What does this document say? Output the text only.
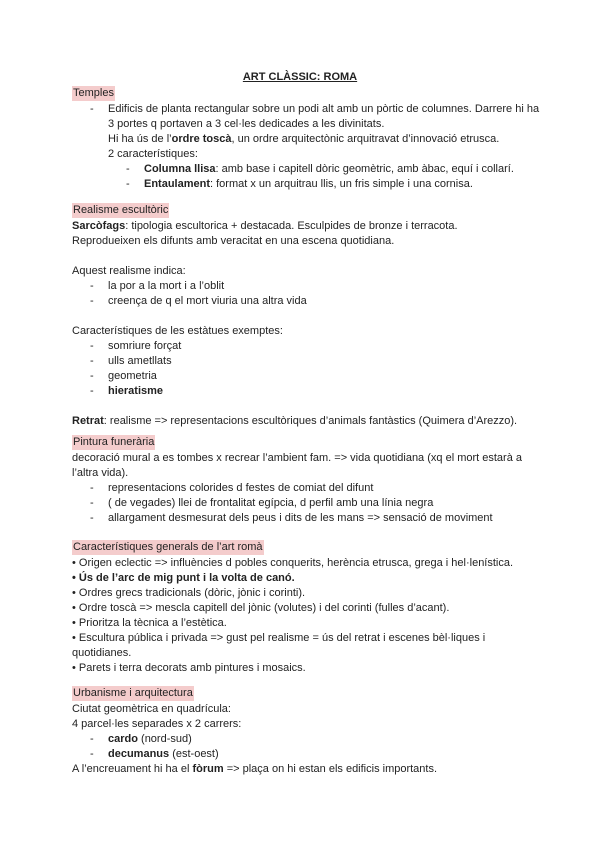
ART CLÀSSIC: ROMA
Temples
- Edificis de planta rectangular sobre un podi alt amb un pòrtic de columnes. Darrere hi ha 3 portes q portaven a 3 cel·les dedicades a les divinitats.

Hi ha ús de l’ordre toscà, un ordre arquitectònic arquitravat d’innovació etrusca.

2 característiques:

- Columna llisa: amb base i capitell dòric geomètric, amb àbac, equí i collarí.
- Entaulament: format x un arquitrau llis, un fris simple i una cornisa.
Realisme escultòric

Sarcòfags: tipologia escultorica + destacada. Esculpides de bronze i terracota.

Reprodueixen els difunts amb veracitat en una escena quotidiana.

Aquest realisme indica:

- la por a la mort i a l’oblit
- creença de q el mort viuria una altra vida

Característiques de les estàtues exemptes:

- somriure forçat
- ulls ametllats
- geometria
- hieratisme

Retrat: realisme => representacions escultòriques d’animals fantàstics (Quimera d’Arezzo).

Pintura funerària

decoració mural a es tombes x recrear l’ambient fam. => vida quotidiana (xq el mort estarà a l’altra vida).

- representacions colorides d festes de comiat del difunt
- ( de vegades) llei de frontalitat egípcia, d perfil amb una línia negra
- allargament desmesurat dels peus i dits de les mans => sensació de moviment
Característiques generals de l’art romà

• Origen eclectic => influències d pobles conquerits, herència etrusca, grega i hel·lenística.

• Ús de l’arc de mig punt i la volta de canó.

• Ordres grecs tradicionals (dòric, jònic i corinti).

• Ordre toscà => mescla capitell del jònic (volutes) i del corinti (fulles d’acant).

• Prioritza la tècnica a l’estètica.

• Escultura pública i privada => gust pel realisme = ús del retrat i escenes bèl·liques i quotidianes.

• Parets i terra decorats amb pintures i mosaics.

Urbanisme i arquitectura

Ciutat geomètrica en quadrícula:

4 parcel·les separades x 2 carrers:

- cardo (nord-sud)
- decumanus (est-oest)

A l’encreuament hi ha el fòrum => plaça on hi estan els edificis importants.
